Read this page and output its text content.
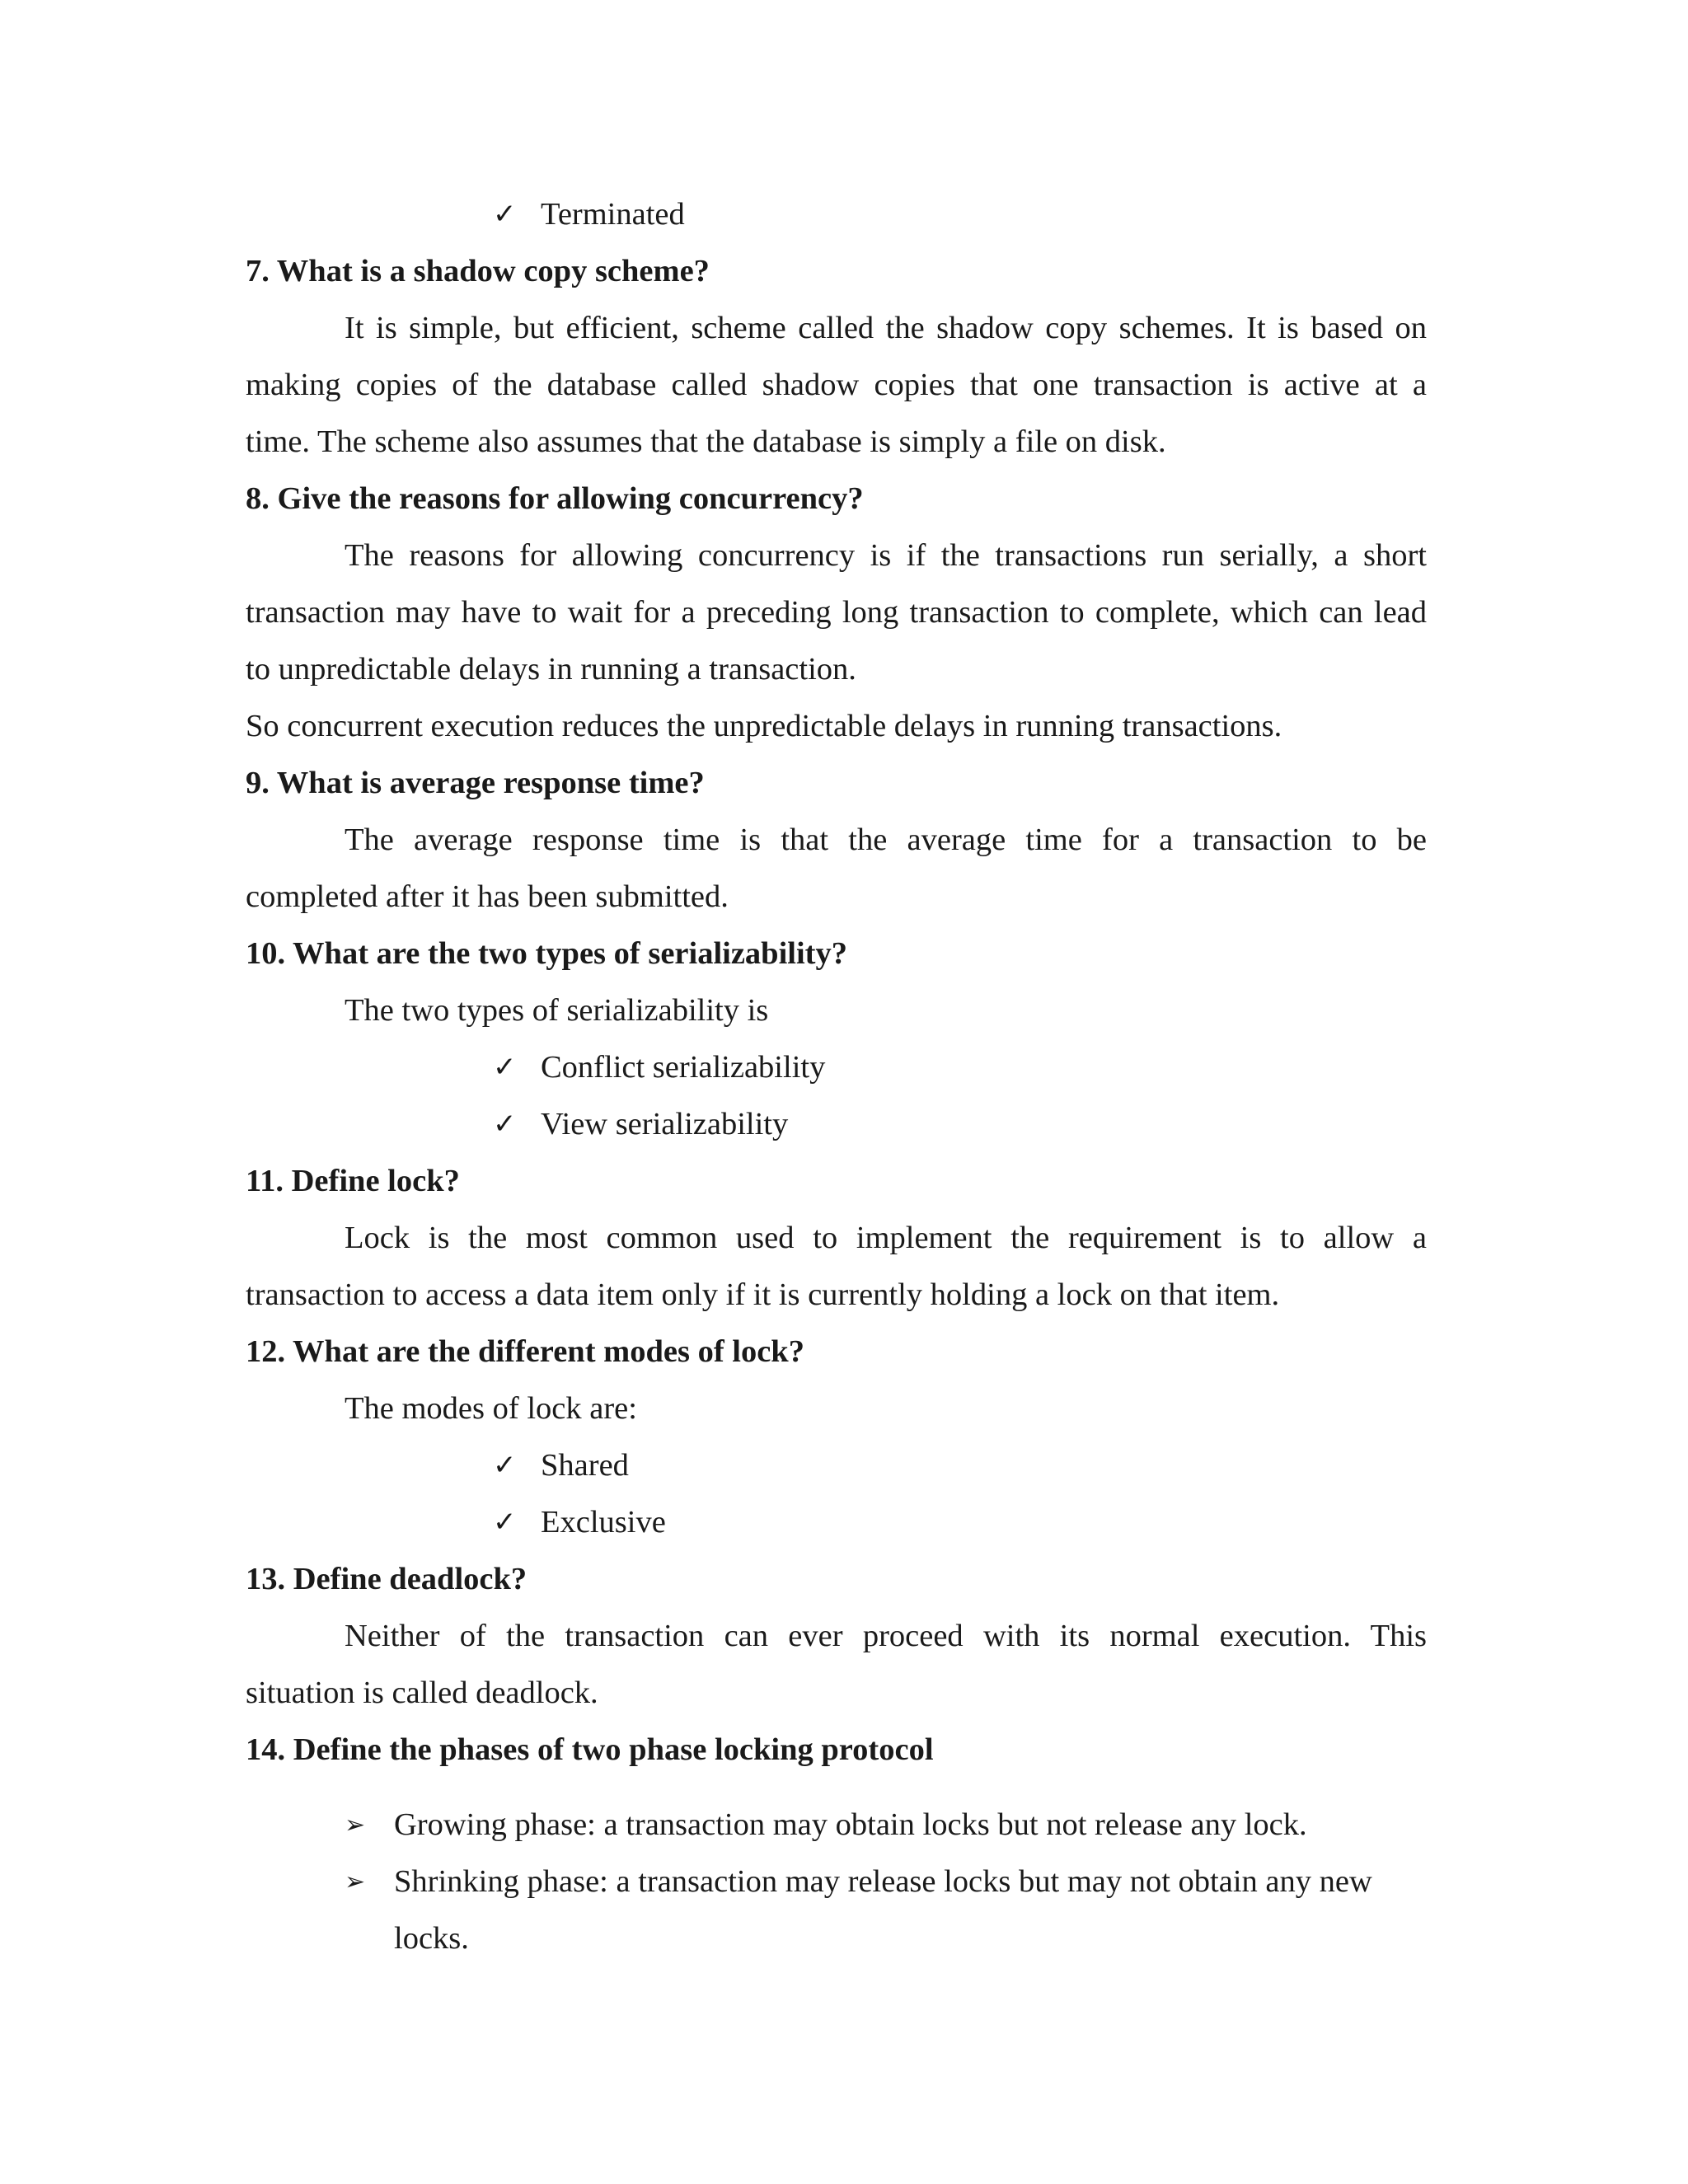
✓ Terminated
7. What is a shadow copy scheme?
It is simple, but efficient, scheme called the shadow copy schemes. It is based on
making copies of the database called shadow copies that one transaction is active at a
time. The scheme also assumes that the database is simply a file on disk.
8. Give the reasons for allowing concurrency?
The reasons for allowing concurrency is if the transactions run serially, a short
transaction may have to wait for a preceding long transaction to complete, which can lead
to unpredictable delays in running a transaction.
So concurrent execution reduces the unpredictable delays in running transactions.
9. What is average response time?
The average response time is that the average time for a transaction to be
completed after it has been submitted.
10. What are the two types of serializability?
The two types of serializability is
✓ Conflict serializability
✓ View serializability
11. Define lock?
Lock is the most common used to implement the requirement is to allow a
transaction to access a data item only if it is currently holding a lock on that item.
12. What are the different modes of lock?
The modes of lock are:
✓ Shared
✓ Exclusive
13. Define deadlock?
Neither of the transaction can ever proceed with its normal execution. This
situation is called deadlock.
14. Define the phases of two phase locking protocol
➢ Growing phase: a transaction may obtain locks but not release any lock.
➢ Shrinking phase: a transaction may release locks but may not obtain any new
locks.
